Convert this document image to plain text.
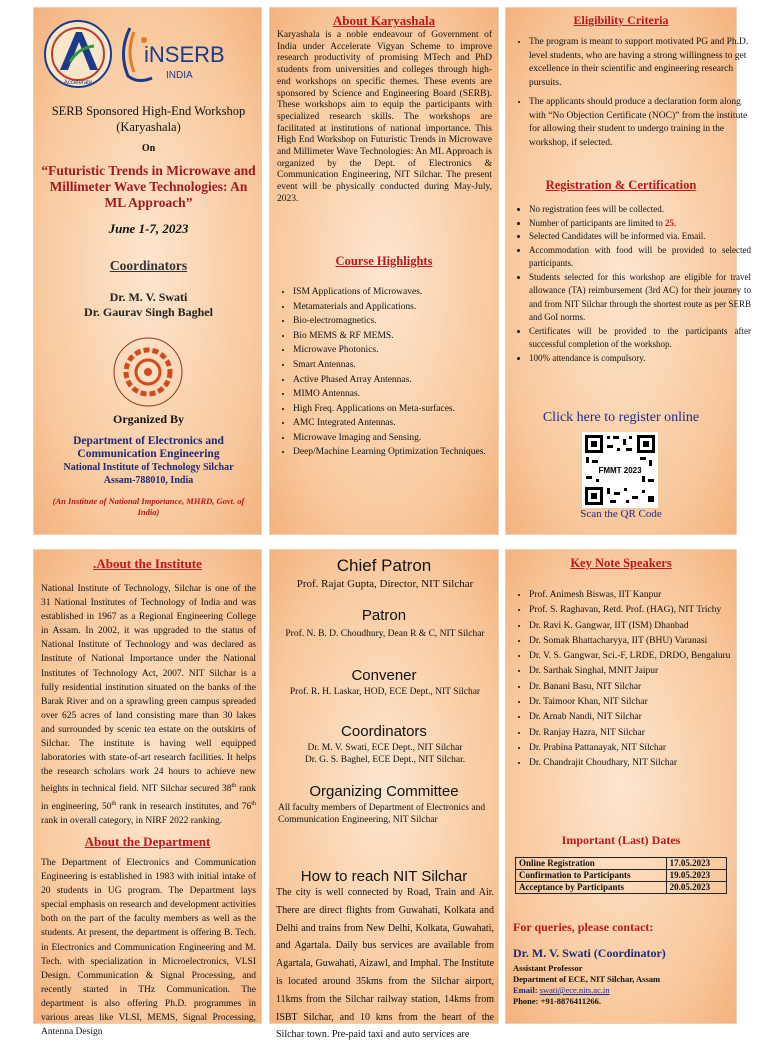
Accelerate
iNSERB
INDIA
SERB Sponsored High-End Workshop (Karyashala)
On
“Futuristic Trends in Microwave and Millimeter Wave Technologies: An ML Approach”
June 1-7, 2023
Coordinators
Dr. M. V. Swati
Dr. Gaurav Singh Baghel
Organized By
Department of Electronics and Communication Engineering
National Institute of Technology Silchar
Assam-788010, India
(An Institute of National Importance, MHRD, Govt. of India)
About Karyashala
Karyashala is a noble endeavour of Government of India under Accelerate Vigyan Scheme to improve research productivity of promising MTech and PhD students from universities and colleges through high-end workshops on specific themes. These events are sponsored by Science and Engineering Board (SERB). These workshops aim to equip the participants with specialized research skills. The workshops are facilitated at institutions of national importance. This High End Workshop on Futuristic Trends in Microwave and Millimeter Wave Technologies: An ML Approach is organized by the Dept. of Electronics & Communication Engineering, NIT Silchar. The present event will be physically conducted during May-July, 2023.
Course Highlights
• ISM Applications of Microwaves.
• Metamaterials and Applications.
• Bio-electromagnetics.
• Bio MEMS & RF MEMS.
• Microwave Photonics.
• Smart Antennas.
• Active Phased Array Antennas.
• MIMO Antennas.
• High Freq. Applications on Meta-surfaces.
• AMC Integrated Antennas.
• Microwave Imaging and Sensing.
• Deep/Machine Learning Optimization Techniques.
Eligibility Criteria
• The program is meant to support motivated PG and Ph.D. level students, who are having a strong willingness to get excellence in their scientific and engineering research pursuits.
• The applicants should produce a declaration form along with “No Objection Certificate (NOC)” from the institute for allowing their student to undergo training in the workshop, if selected.
Registration & Certification
• No registration fees will be collected.
• Number of participants are limited to 25.
• Selected Candidates will be informed via. Email.
• Accommodation with food will be provided to selected participants.
• Students selected for this workshop are eligible for travel allowance (TA) reimbursement (3rd AC) for their journey to and from NIT Silchar through the shortest route as per SERB and GoI norms.
• Certificates will be provided to the participants after successful completion of the workshop.
• 100% attendance is compulsory.
Click here to register online
FMMT 2023
Scan the QR Code
.About the Institute
National Institute of Technology, Silchar is one of the 31 National Institutes of Technology of India and was established in 1967 as a Regional Engineering College in Assam. In 2002, it was upgraded to the status of National Institute of Technology and was declared as Institute of National Importance under the National Institutes of Technology Act, 2007. NIT Silchar is a fully residential institution situated on the banks of the Barak River and on a sprawling green campus spreaded over 625 acres of land consisting mare than 30 lakes and surrounded by scenic tea estate on the outskirts of Silchar. The institute is having well equipped laboratories with state-of-art research facilities. It helps the research scholars work 24 hours to achieve new heights in technical field. NIT Silchar secured 38th rank in engineering, 50th rank in research institutes, and 76th rank in overall category, in NIRF 2022 ranking.
About the Department
The Department of Electronics and Communication Engineering is established in 1983 with initial intake of 20 students in UG program. The Department lays special emphasis on research and development activities both on the part of the faculty members as well as the students. At present, the department is offering B. Tech. in Electronics and Communication Engineering and M. Tech. with specialization in Microelectronics, VLSI Design. Communication & Signal Processing, and recently started in THz Communication. The department is also offering Ph.D. programmes in various areas like VLSI, MEMS, Signal Processing, Antenna Design
Chief Patron
Prof. Rajat Gupta, Director, NIT Silchar
Patron
Prof. N. B. D. Choudhury, Dean R & C, NIT Silchar
Convener
Prof. R. H. Laskar, HOD, ECE Dept., NIT Silchar
Coordinators
Dr. M. V. Swati, ECE Dept., NIT Silchar
Dr. G. S. Baghel, ECE Dept., NIT Silchar.
Organizing Committee
All faculty members of Department of Electronics and Communication Engineering, NIT Silchar
How to reach NIT Silchar
The city is well connected by Road, Train and Air. There are direct flights from Guwahati, Kolkata and Delhi and trains from New Delhi, Kolkata, Guwahati, and Agartala. Daily bus services are available from Agartala, Guwahati, Aizawl, and Imphal. The Institute is located around 35kms from the Silchar airport, 11kms from the Silchar railway station, 14kms from ISBT Silchar, and 10 kms from the heart of the Silchar town. Pre-paid taxi and auto services are
Key Note Speakers
• Prof. Animesh Biswas, IIT Kanpur
• Prof. S. Raghavan, Retd. Prof. (HAG), NIT Trichy
• Dr. Ravi K. Gangwar, IIT (ISM) Dhanbad
• Dr. Somak Bhattacharyya, IIT (BHU) Varanasi
• Dr. V. S. Gangwar, Sci.-F, LRDE, DRDO, Bengaluru
• Dr. Sarthak Singhal, MNIT Jaipur
• Dr. Banani Basu, NIT Silchar
• Dr. Taimoor Khan, NIT Silchar
• Dr. Arnab Nandi, NIT Silchar
• Dr. Ranjay Hazra, NIT Silchar
• Dr. Prabina Pattanayak, NIT Silchar
• Dr. Chandrajit Choudhary, NIT Silchar
Important (Last) Dates
Online Registration	17.05.2023
Confirmation to Participants	19.05.2023
Acceptance by Participants	20.05.2023
For queries, please contact:
Dr. M. V. Swati (Coordinator)
Assistant Professor
Department of ECE, NIT Silchar, Assam
Email: swati@ece.nits.ac.in
Phone: +91-8876411266.
